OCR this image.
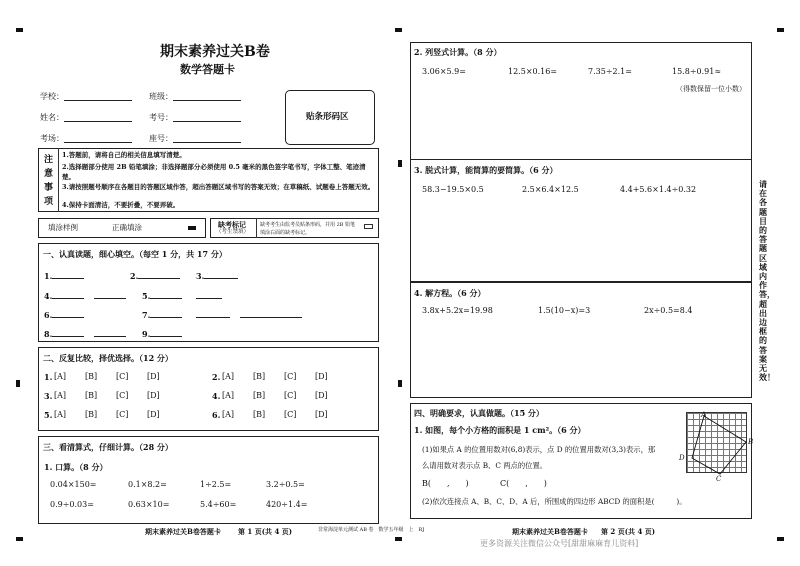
期末素养过关B卷
数学答题卡
学校：	班级：
姓名：	考号：
考场：	座号：
贴条形码区
注
意
事
项
1.答题前，请将自己的相关信息填写清楚。
2.选择题部分使用 2B 铅笔填涂；非选择题部分必须使用 0.5 毫米的黑色签字笔书写，字体工整、笔迹清楚。
3.请按照题号顺序在各题目的答题区域作答，超出答题区域书写的答案无效；在草稿纸、试题卷上答题无效。
4.保持卡面清洁，不要折叠，不要弄破。
填涂样例	正确填涂	缺考标记
（考生禁填）
缺考考生由监考员贴条形码，并用 2B 铅笔填涂右面的缺考标记。
一、认真读题，细心填空。（每空 1 分，共 17 分）
1.	2.	3.
4.	5.
6.	7.
8.	9.
二、反复比较，择优选择。（12 分）
1. [A] [B] [C] [D]	2. [A] [B] [C] [D]
3. [A] [B] [C] [D]	4. [A] [B] [C] [D]
5. [A] [B] [C] [D]	6. [A] [B] [C] [D]
三、看清算式，仔细计算。（28 分）
1. 口算。（8 分）
0.04×150=	0.1×8.2=	1÷2.5=	3.2÷0.5=
0.9÷0.03=	0.63×10=	5.4÷60=	420÷1.4=
期末素养过关B卷答题卡 第 1 页(共 4 页)	非常海淀单元测试 AB 卷　数学五年级　上　RJ
2. 列竖式计算。（8 分）
3.06×5.9=	12.5×0.16=	7.35÷2.1=	15.8÷0.91≈
（得数保留一位小数）
3. 脱式计算，能简算的要简算。（6 分）
58.3−19.5×0.5	2.5×6.4×12.5	4.4+5.6×1.4÷0.32
4. 解方程。（6 分）
3.8x+5.2x=19.98	1.5(10−x)=3	2x÷0.5=8.4
四、明确要求，认真做题。（15 分）
1. 如图，每个小方格的面积是 1 cm²。（6 分）
(1)如果点 A 的位置用数对(6,8)表示，点 D 的位置用数对(3,3)表示，那
么请用数对表示点 B、C 两点的位置。
B(　　,　　)	C(　　,　　)
(2)依次连接点 A、B、C、D、A 后，所围成的四边形 ABCD 的面积是(　　　)。
A
B
C
D
期末素养过关B卷答题卡 第 2 页(共 4 页)
更多资源关注微信公众号[甜甜麻麻育儿资料]
请在各题目的答题区域内作答，超出边框的答案无效！
